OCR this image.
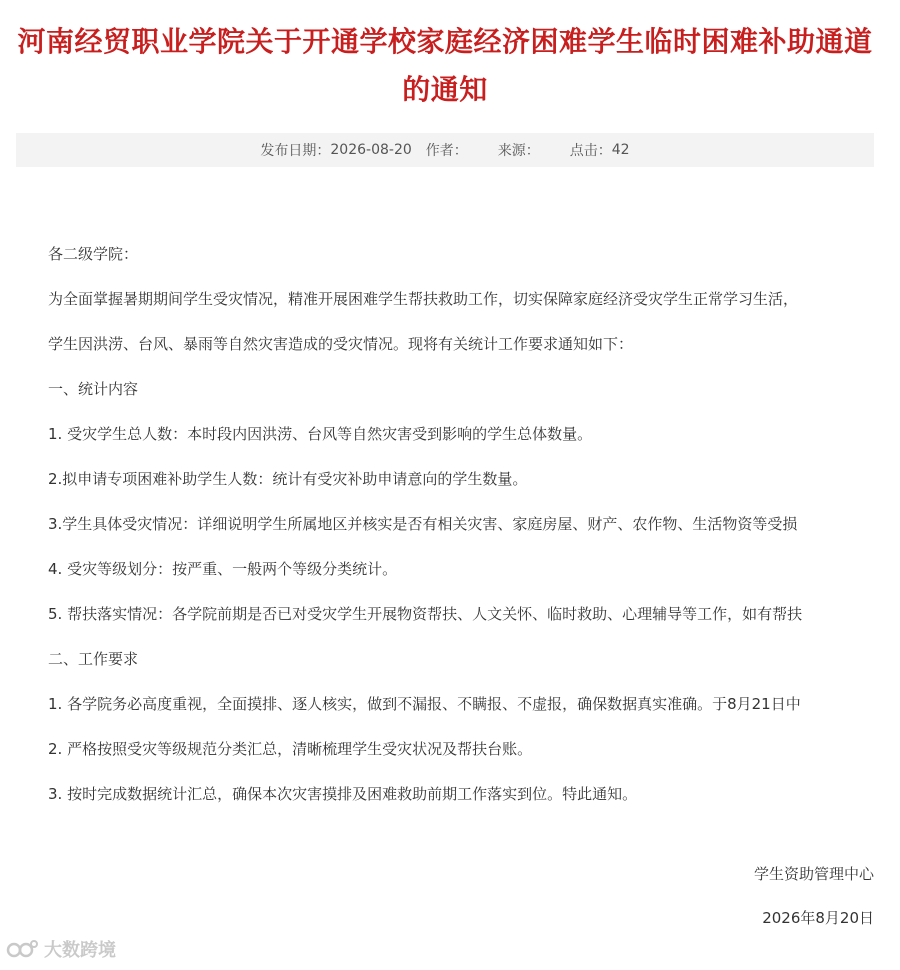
河南经贸职业学院关于开通学校家庭经济困难学生临时困难补助通道的通知
发布日期： 2026-08-20 作者： 来源： 点击： 42

各二级学院：

为全面掌握暑期期间学生受灾情况，精准开展困难学生帮扶救助工作，切实保障家庭经济受灾学生正常学习生活，

学生因洪涝、台风、暴雨等自然灾害造成的受灾情况。现将有关统计工作要求通知如下：

一、统计内容

1. 受灾学生总人数：本时段内因洪涝、台风等自然灾害受到影响的学生总体数量。

2.拟申请专项困难补助学生人数：统计有受灾补助申请意向的学生数量。

3.学生具体受灾情况：详细说明学生所属地区并核实是否有相关灾害、家庭房屋、财产、农作物、生活物资等受损

4. 受灾等级划分：按严重、一般两个等级分类统计。

5. 帮扶落实情况：各学院前期是否已对受灾学生开展物资帮扶、人文关怀、临时救助、心理辅导等工作，如有帮扶

二、工作要求

1. 各学院务必高度重视，全面摸排、逐人核实，做到不漏报、不瞒报、不虚报，确保数据真实准确。于8月21日中

2. 严格按照受灾等级规范分类汇总，清晰梳理学生受灾状况及帮扶台账。

3. 按时完成数据统计汇总，确保本次灾害摸排及困难救助前期工作落实到位。特此通知。

学生资助管理中心

2026年8月20日

大数跨境
